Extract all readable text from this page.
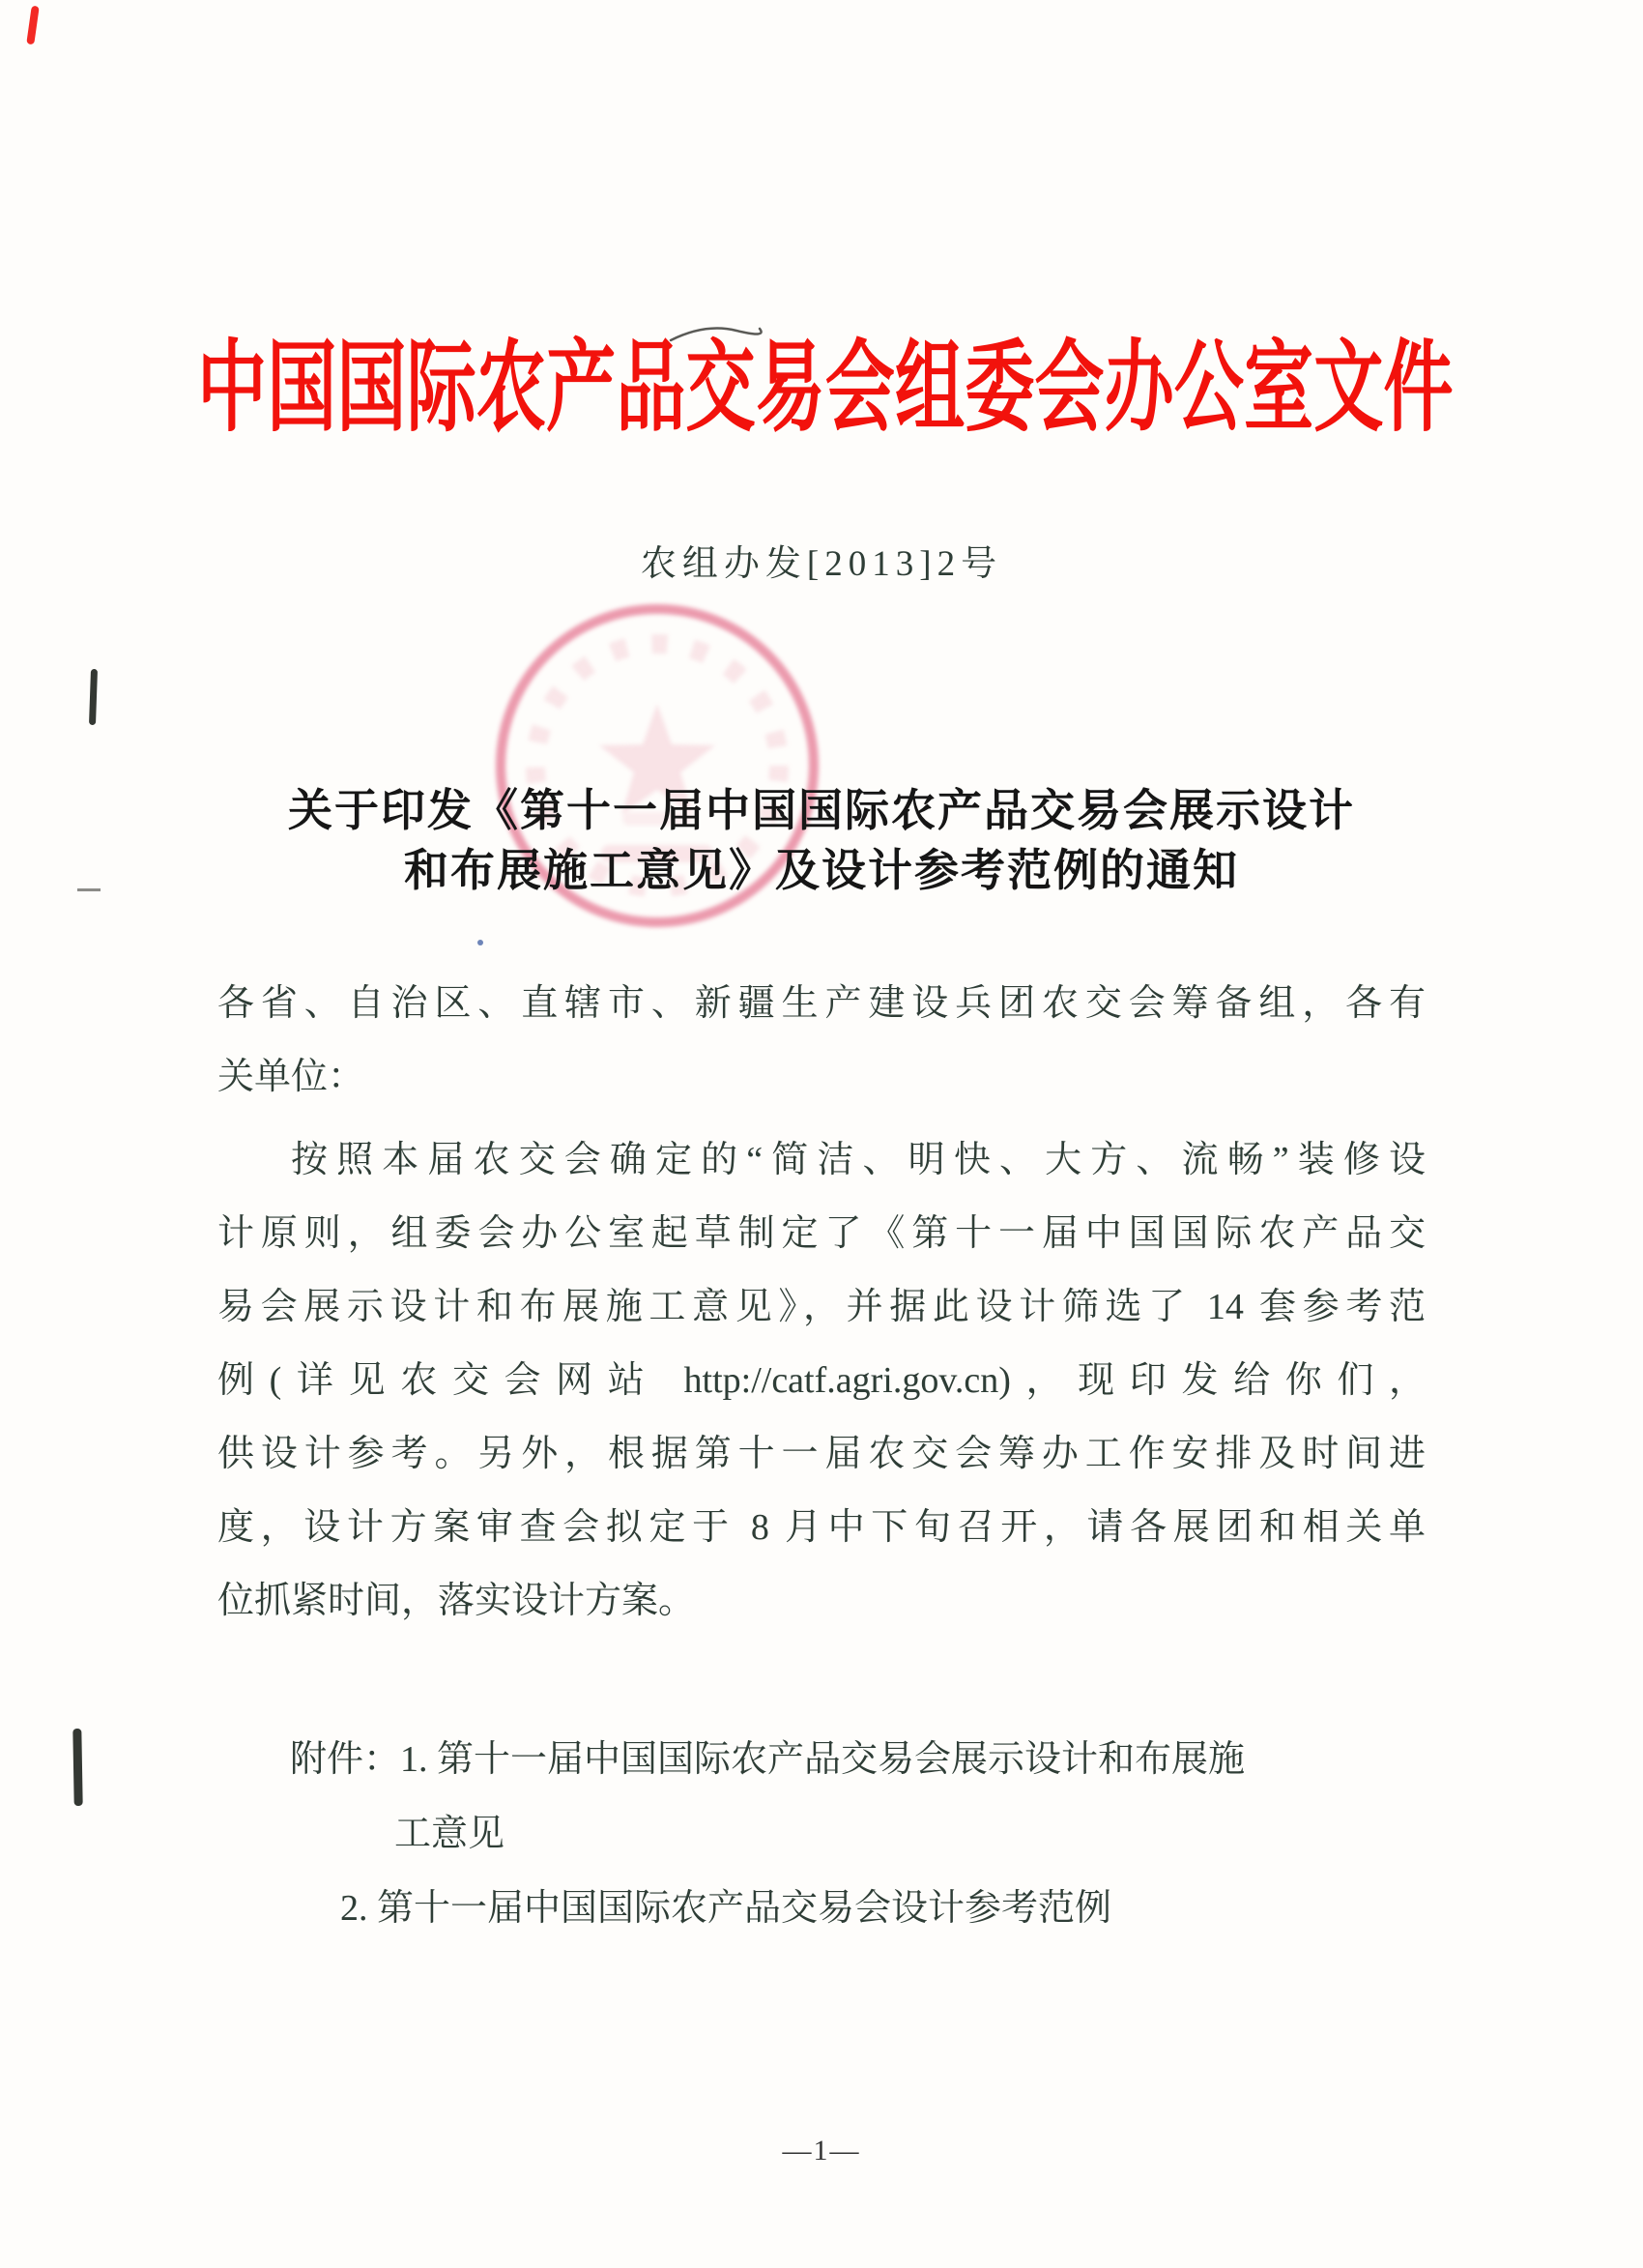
中国国际农产品交易会组委会办公室文件
农组办发[2013]2号
关于印发《第十一届中国国际农产品交易会展示设计
和布展施工意见》及设计参考范例的通知
各省、自治区、直辖市、新疆生产建设兵团农交会筹备组，各有
关单位：
按照本届农交会确定的“简洁、明快、大方、流畅”装修设
计原则，组委会办公室起草制定了《第十一届中国国际农产品交
易会展示设计和布展施工意见》，并据此设计筛选了 14 套参考范
例(详见农交会网站 http://catf.agri.gov.cn)，现印发给你们，
供设计参考。另外，根据第十一届农交会筹办工作安排及时间进
度，设计方案审查会拟定于 8 月中下旬召开，请各展团和相关单
位抓紧时间，落实设计方案。
附件：1. 第十一届中国国际农产品交易会展示设计和布展施
工意见
2. 第十一届中国国际农产品交易会设计参考范例
—1—
